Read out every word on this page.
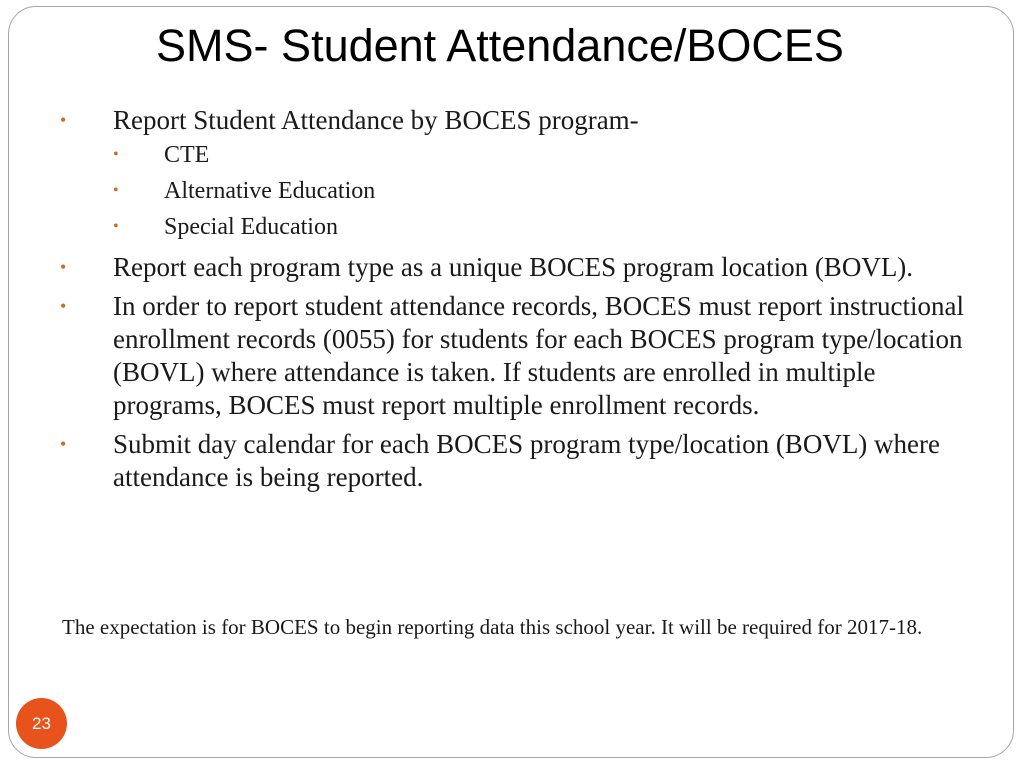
SMS- Student Attendance/BOCES
• Report Student Attendance by BOCES program-
• CTE
• Alternative Education
• Special Education
• Report each program type as a unique BOCES program location (BOVL).
• In order to report student attendance records, BOCES must report instructional enrollment records (0055) for students for each BOCES program type/location (BOVL) where attendance is taken. If students are enrolled in multiple programs, BOCES must report multiple enrollment records.
• Submit day calendar for each BOCES program type/location (BOVL) where attendance is being reported.
The expectation is for BOCES to begin reporting data this school year. It will be required for 2017-18.
23
